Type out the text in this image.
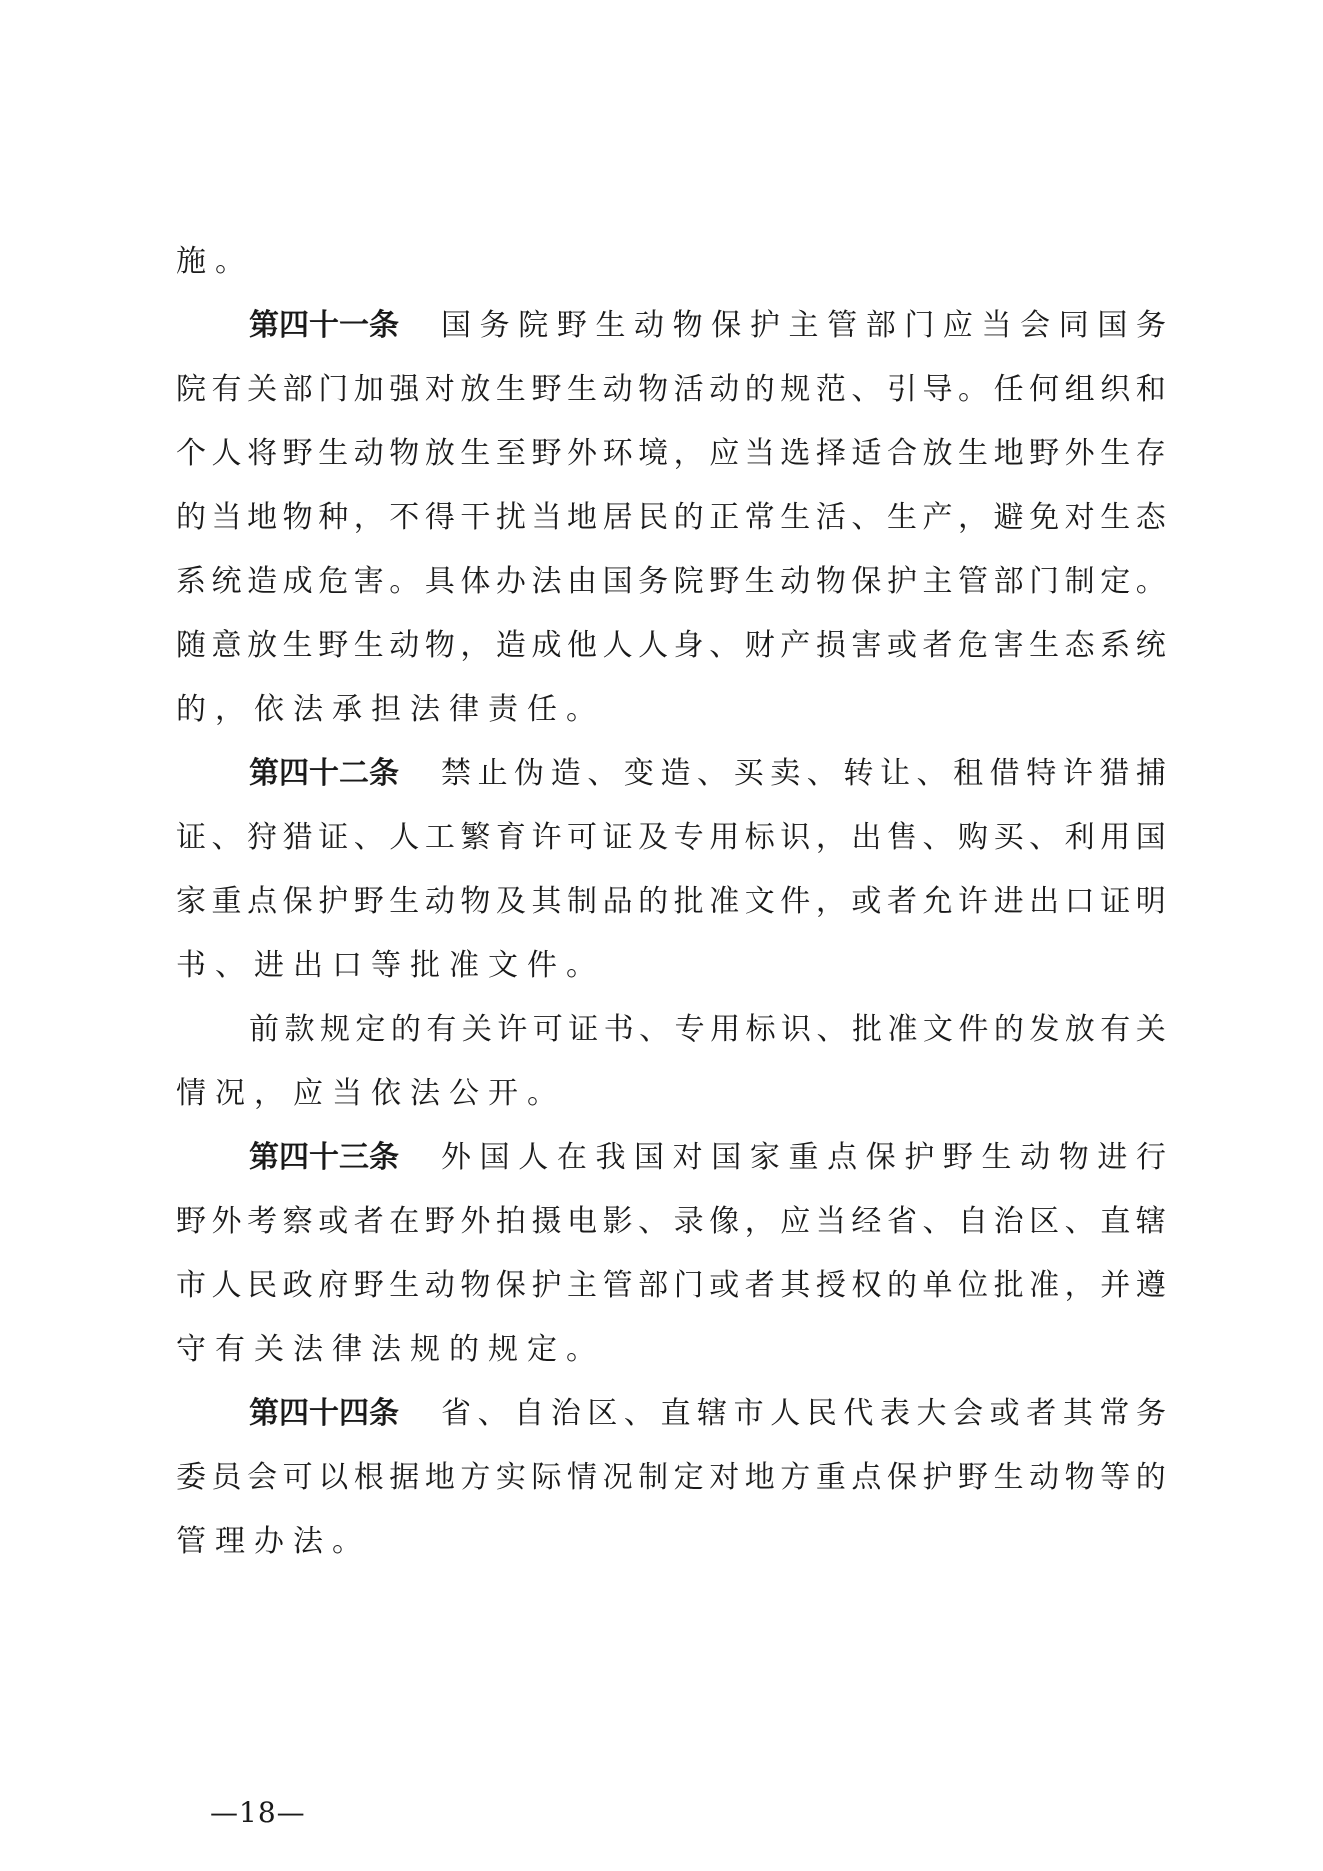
施。
第四十一条 国 务 院 野 生 动 物 保 护 主 管 部 门 应 当 会 同 国 务
院 有 关 部 门 加 强 对 放 生 野 生 动 物 活 动 的 规 范 、 引 导 。 任 何 组 织 和
个 人 将 野 生 动 物 放 生 至 野 外 环 境 ， 应 当 选 择 适 合 放 生 地 野 外 生 存
的 当 地 物 种 ， 不 得 干 扰 当 地 居 民 的 正 常 生 活 、 生 产 ， 避 免 对 生 态
系 统 造 成 危 害 。 具 体 办 法 由 国 务 院 野 生 动 物 保 护 主 管 部 门 制 定 。
随 意 放 生 野 生 动 物 ， 造 成 他 人 人 身 、 财 产 损 害 或 者 危 害 生 态 系 统
的，依法承担法律责任。
第四十二条 禁 止 伪 造 、 变 造 、 买 卖 、 转 让 、 租 借 特 许 猎 捕
证 、 狩 猎 证 、 人 工 繁 育 许 可 证 及 专 用 标 识 ， 出 售 、 购 买 、 利 用 国
家 重 点 保 护 野 生 动 物 及 其 制 品 的 批 准 文 件 ， 或 者 允 许 进 出 口 证 明
书、进出口等批准文件。
前 款 规 定 的 有 关 许 可 证 书 、 专 用 标 识 、 批 准 文 件 的 发 放 有 关
情况，应当依法公开。
第四十三条 外 国 人 在 我 国 对 国 家 重 点 保 护 野 生 动 物 进 行
野 外 考 察 或 者 在 野 外 拍 摄 电 影 、 录 像 ， 应 当 经 省 、 自 治 区 、 直 辖
市 人 民 政 府 野 生 动 物 保 护 主 管 部 门 或 者 其 授 权 的 单 位 批 准 ， 并 遵
守有关法律法规的规定。
第四十四条 省 、 自 治 区 、 直 辖 市 人 民 代 表 大 会 或 者 其 常 务
委 员 会 可 以 根 据 地 方 实 际 情 况 制 定 对 地 方 重 点 保 护 野 生 动 物 等 的
管理办法。
—18—
